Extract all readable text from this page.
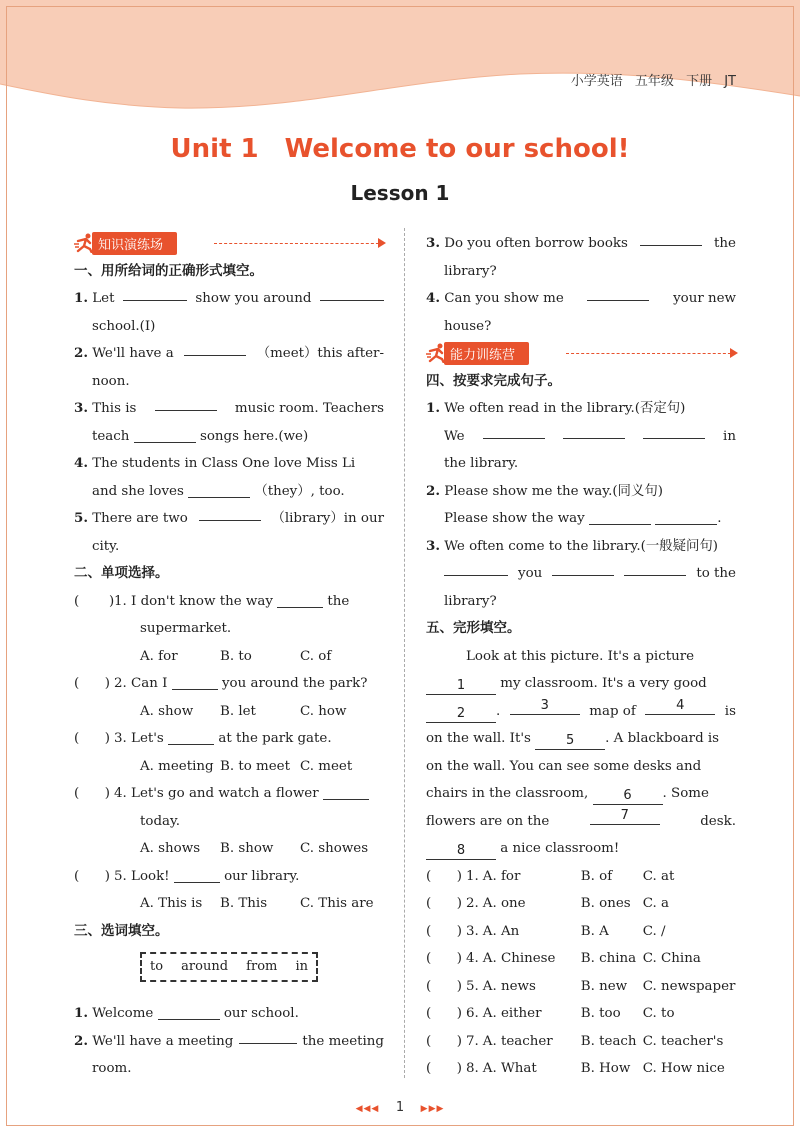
小学英语 五年级 下册 JT
Unit 1　Welcome to our school!
Lesson 1
知识演练场
一、用所给词的正确形式填空。
1. Let	show you around
school.(I)
2. We'll have a	（meet）this after-
noon.
3. This is	music room. Teachers
teach	songs here.(we)
4. The students in Class One love Miss Li
and she loves	（they）, too.
5. There are two	（library）in our
city.
二、单项选择。
(       )1. I don't know the way	the
supermarket.
A. for	B. to	C. of
(      ) 2. Can I	you around the park?
A. show B. let	C. how
(      ) 3. Let's	at the park gate.
A. meeting B. to meet C. meet
(      ) 4. Let's go and watch a flower
today.
A. shows B. show C. showes
(      ) 5. Look!	our library.
A. This is B. This C. This are
三、选词填空。
to around from in
1. Welcome	our school.
2. We'll have a meeting	the meeting
room.
3. Do you often borrow books	the
library?
4. Can you show me	your new
house?
能力训练营
四、按要求完成句子。
1. We often read in the library.(否定句)
We	in
the library.
2. Please show me the way.(同义句)
Please show the way	.
3. We often come to the library.(一般疑问句)
you	to the
library?
五、完形填空。
Look at this picture. It's a picture
1	my classroom. It's a very good
2 .	3	map of	4	is
on the wall. It's	5 . A blackboard is
on the wall. You can see some desks and
chairs in the classroom,	6 . Some
flowers are on the	7	desk.
8	a nice classroom!
(      ) 1. A. for	B. of C. at
(      ) 2. A. one	B. ones C. a
(      ) 3. A. An	B. A	C. /
(      ) 4. A. Chinese B. china C. China
(      ) 5. A. news	B. new C. newspaper
(      ) 6. A. either	B. too C. to
(      ) 7. A. teacher B. teach C. teacher's
(      ) 8. A. What	B. How C. How nice
◀◀◀ 1 ▶▶▶
